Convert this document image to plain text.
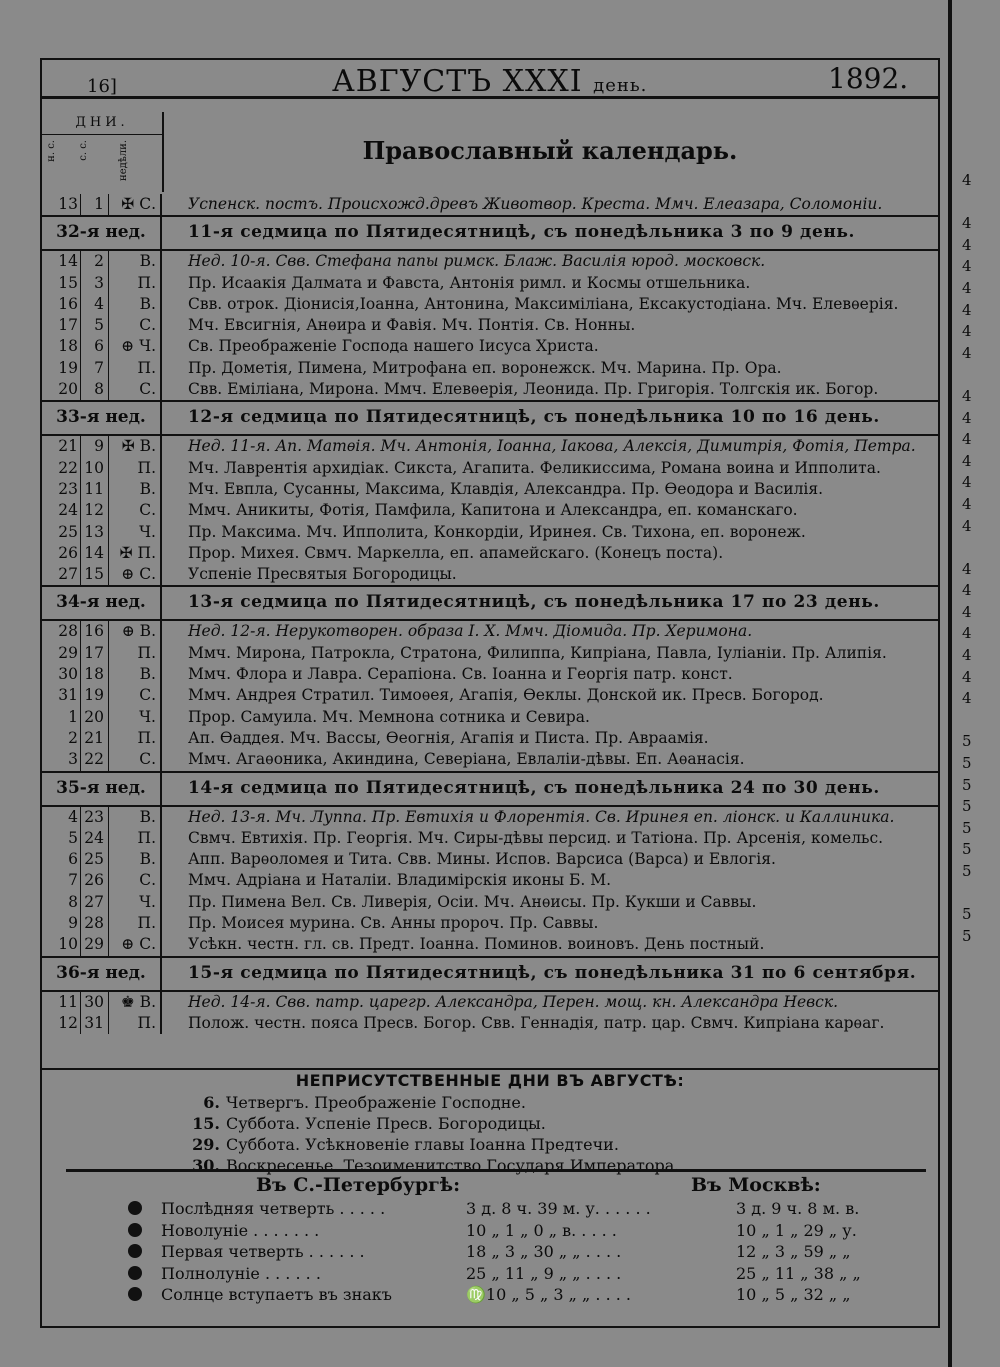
16]	АВГУСТЪ XXXI день.	1892.
ДНИ.
н. с. с. с.	недѣли.	Православный календарь.
13	1	✠ С.	Успенск. постъ. Происхожд.древъ Животвор. Креста. Ммч. Елеазара, Соломоніи.
32-я нед.	11-я седмица по Пятидесятницѣ, съ понедѣльника 3 по 9 день.
14	2	В.	Нед. 10-я. Свв. Стефана папы римск. Блаж. Василія юрод. московск.
15	3	П.	Пр. Исаакія Далмата и Фавста, Антонія римл. и Космы отшельника.
16	4	В.	Свв. отрок. Діонисія,Іоанна, Антонина, Максиміліана, Ексакустодіана. Мч. Елевѳерія.
17	5	С.	Мч. Евсигнія, Анѳира и Фавія. Мч. Понтія. Св. Нонны.
18	6	⊕ Ч.	Св. Преображеніе Господа нашего Іисуса Христа.
19	7	П.	Пр. Дометія, Пимена, Митрофана еп. воронежск. Мч. Марина. Пр. Ора.
20	8	С.	Свв. Еміліана, Мирона. Ммч. Елевѳерія, Леонида. Пр. Григорія. Толгскія ик. Богор.
33-я нед.	12-я седмица по Пятидесятницѣ, съ понедѣльника 10 по 16 день.
21	9	✠ В.	Нед. 11-я. Ап. Матѳія. Мч. Антонія, Іоанна, Іакова, Алексія, Димитрія, Фотія, Петра.
22 10	П.	Мч. Лаврентія архидіак. Сикста, Агапита. Феликиссима, Романа воина и Ипполита.
23 11	В.	Мч. Евпла, Сусанны, Максима, Клавдія, Александра. Пр. Ѳеодора и Василія.
24 12	С.	Ммч. Аникиты, Фотія, Памфила, Капитона и Александра, еп. команскаго.
25 13	Ч.	Пр. Максима. Мч. Ипполита, Конкордіи, Иринея. Св. Тихона, еп. воронеж.
26 14	✠ П.	Прор. Михея. Свмч. Маркелла, еп. апамейскаго. (Конецъ поста).
27 15	⊕ С.	Успеніе Пресвятыя Богородицы.
34-я нед.	13-я седмица по Пятидесятницѣ, съ понедѣльника 17 по 23 день.
28 16	⊕ В.	Нед. 12-я. Нерукотворен. образа І. Х. Ммч. Діомида. Пр. Херимона.
29 17	П.	Ммч. Мирона, Патрокла, Стратона, Филиппа, Кипріана, Павла, Іуліаніи. Пр. Алипія.
30 18	В.	Ммч. Флора и Лавра. Серапіона. Св. Іоанна и Георгія патр. конст.
31 19	С.	Ммч. Андрея Стратил. Тимоѳея, Агапія, Ѳеклы. Донской ик. Пресв. Богород.
1 20	Ч.	Прор. Самуила. Мч. Мемнона сотника и Севира.
2 21	П.	Ап. Ѳаддея. Мч. Вассы, Ѳеогнія, Агапія и Писта. Пр. Авраамія.
3 22	С.	Ммч. Агаѳоника, Акиндина, Северіана, Евлаліи-дѣвы. Еп. Аѳанасія.
35-я нед.	14-я седмица по Пятидесятницѣ, съ понедѣльника 24 по 30 день.
4 23	В.	Нед. 13-я. Мч. Луппа. Пр. Евтихія и Флорентія. Св. Иринея еп. ліонск. и Каллиника.
5 24	П.	Свмч. Евтихія. Пр. Георгія. Мч. Сиры-дѣвы персид. и Татіона. Пр. Арсенія, комельс.
6 25	В.	Апп. Варѳоломея и Тита. Свв. Мины. Испов. Варсиса (Варса) и Евлогія.
7 26	С.	Ммч. Адріана и Наталіи. Владимірскія иконы Б. М.
8 27	Ч.	Пр. Пимена Вел. Св. Ливерія, Осіи. Мч. Анѳисы. Пр. Кукши и Саввы.
9 28	П.	Пр. Моисея мурина. Св. Анны пророч. Пр. Саввы.
10 29	⊕ С.	Усѣкн. честн. гл. св. Предт. Іоанна. Поминов. воиновъ. День постный.
36-я нед.	15-я седмица по Пятидесятницѣ, съ понедѣльника 31 по 6 сентября.
11 30	♚ В.	Нед. 14-я. Свв. патр. царегр. Александра, Перен. мощ. кн. Александра Невск.
12 31	П.	Полож. честн. пояса Пресв. Богор. Свв. Геннадія, патр. цар. Свмч. Кипріана карѳаг.
НЕПРИСУТСТВЕННЫЕ ДНИ ВЪ АВГУСТѢ:
6. Четвергъ. Преображеніе Господне.
15. Суббота. Успеніе Пресв. Богородицы.
29. Суббота. Усѣкновеніе главы Іоанна Предтечи.
30. Воскресенье. Тезоименитство Государя Императора.
Въ С.-Петербургѣ:	Въ Москвѣ:
Послѣдняя четверть . . . . .	3 д. 8 ч. 39 м. у. . . . . .	3 д. 9 ч. 8 м. в.
Новолуніе . . . . . . .	10 „ 1 „ 0 „ в. . . . .	10 „ 1 „ 29 „ у.
Первая четверть . . . . . .	18 „ 3 „ 30 „ „ . . . .	12 „ 3 „ 59 „ „
Полнолуніе . . . . . .	25 „ 11 „ 9 „ „ . . . .	25 „ 11 „ 38 „ „
Солнце вступаетъ въ знакъ	♍10 „ 5 „ 3 „ „ . . . .	10 „ 5 „ 32 „ „
4
4
4
4
4
4
4
4
4
4
4
4
4
4
4
4
4
4
4
4
4
4
5
5
5
5
5
5
5
5
5
